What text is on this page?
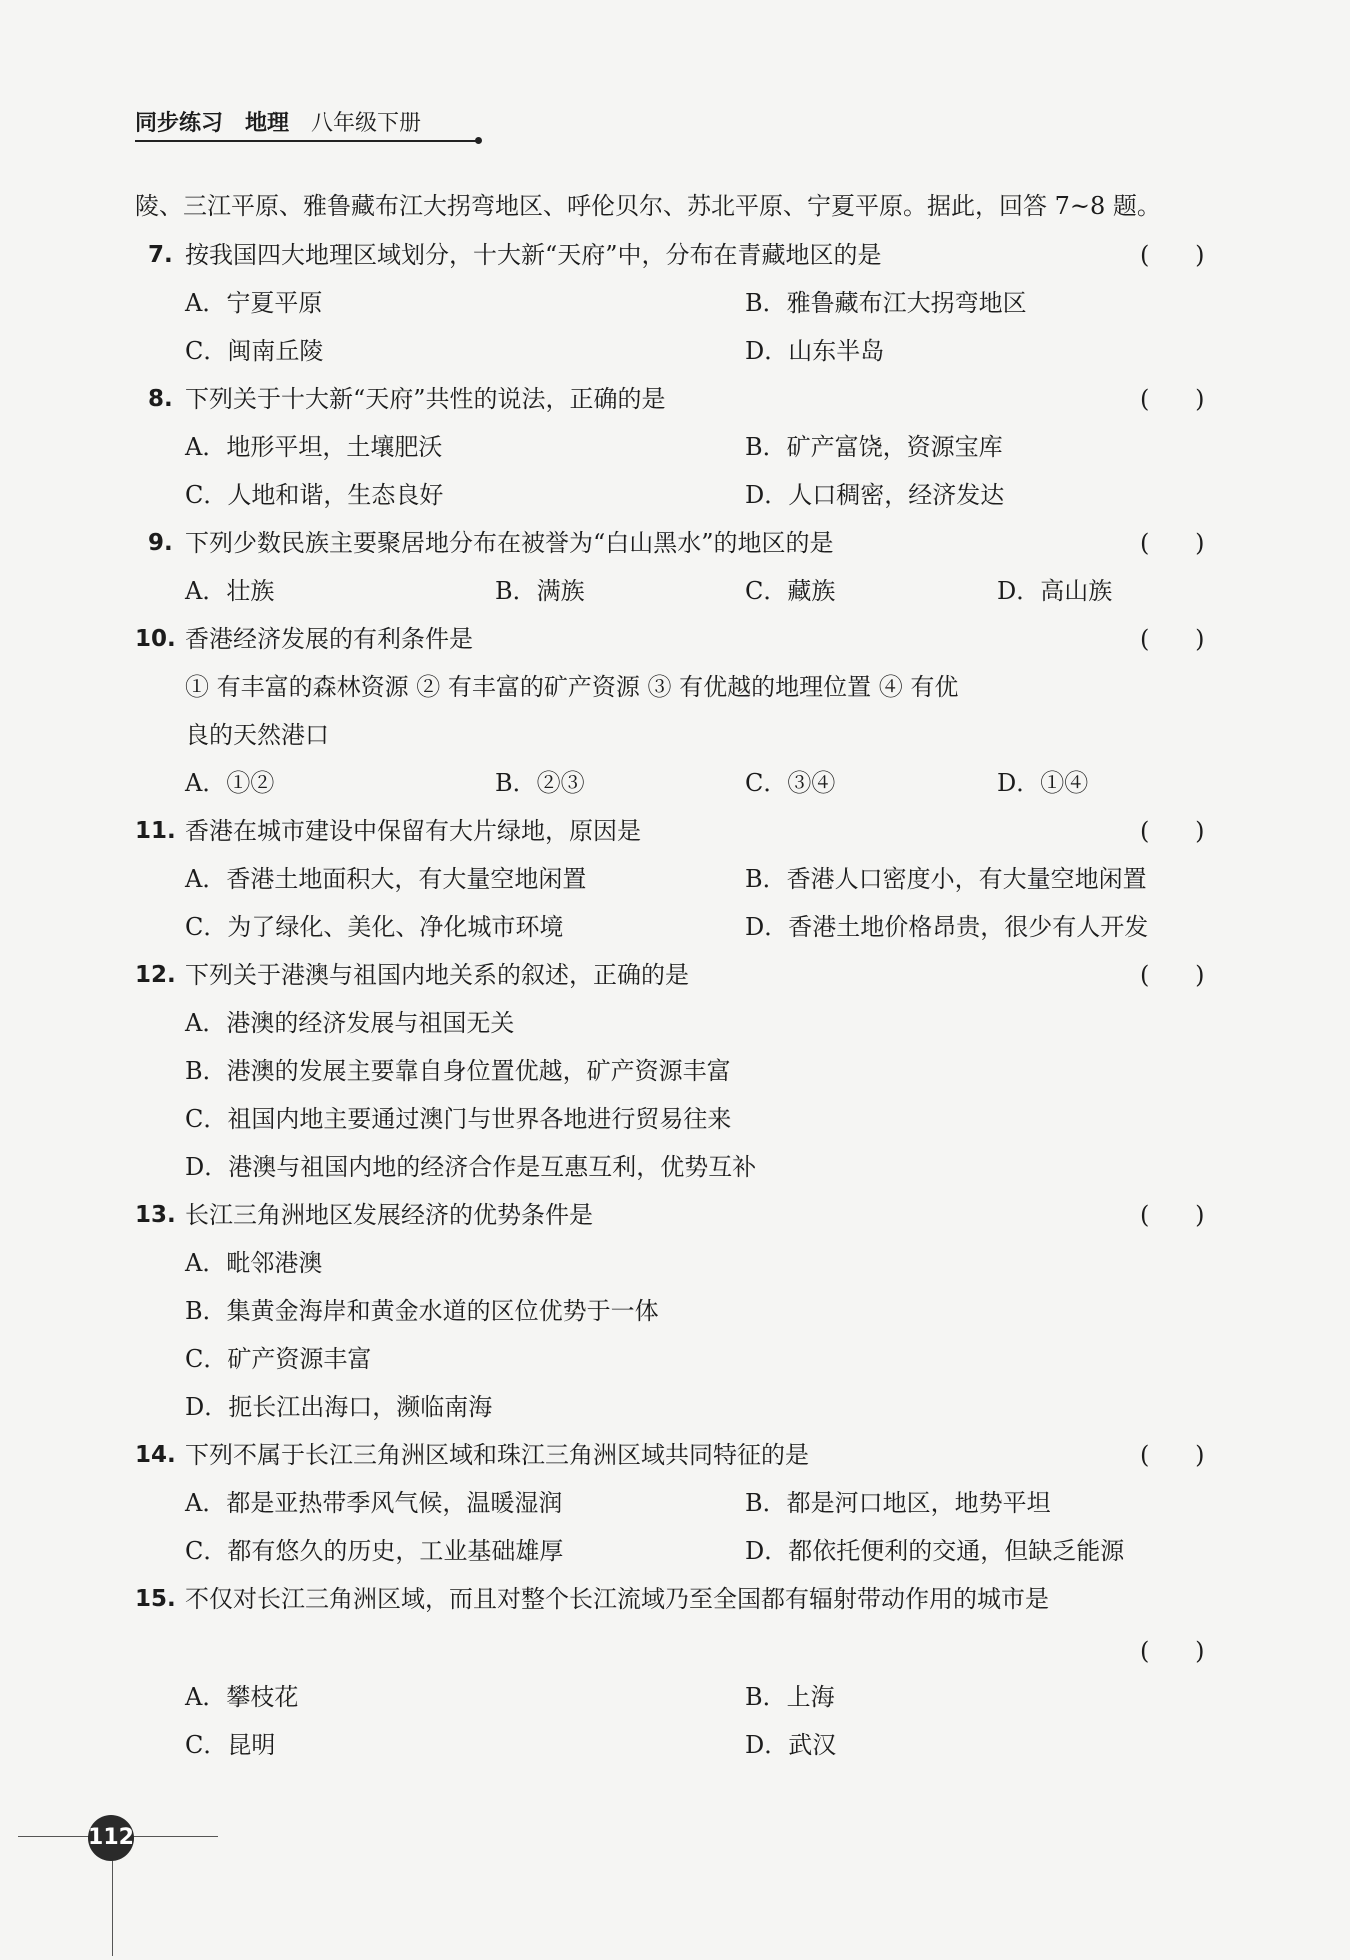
同步练习 地理 八年级下册
陵、三江平原、雅鲁藏布江大拐弯地区、呼伦贝尔、苏北平原、宁夏平原。据此，回答 7~8 题。
7. 按我国四大地理区域划分，十大新“天府”中，分布在青藏地区的是	(      )
A．宁夏平原	B．雅鲁藏布江大拐弯地区
C．闽南丘陵	D．山东半岛
8. 下列关于十大新“天府”共性的说法，正确的是	(      )
A．地形平坦，土壤肥沃	B．矿产富饶，资源宝库
C．人地和谐，生态良好	D．人口稠密，经济发达
9. 下列少数民族主要聚居地分布在被誉为“白山黑水”的地区的是	(      )
A．壮族	B．满族	C．藏族	D．高山族
10. 香港经济发展的有利条件是	(      )
① 有丰富的森林资源 ② 有丰富的矿产资源 ③ 有优越的地理位置 ④ 有优
良的天然港口
A．①②	B．②③	C．③④	D．①④
11. 香港在城市建设中保留有大片绿地，原因是	(      )
A．香港土地面积大，有大量空地闲置	B．香港人口密度小，有大量空地闲置
C．为了绿化、美化、净化城市环境	D．香港土地价格昂贵，很少有人开发
12. 下列关于港澳与祖国内地关系的叙述，正确的是	(      )
A．港澳的经济发展与祖国无关
B．港澳的发展主要靠自身位置优越，矿产资源丰富
C．祖国内地主要通过澳门与世界各地进行贸易往来
D．港澳与祖国内地的经济合作是互惠互利，优势互补
13. 长江三角洲地区发展经济的优势条件是	(      )
A．毗邻港澳
B．集黄金海岸和黄金水道的区位优势于一体
C．矿产资源丰富
D．扼长江出海口，濒临南海
14. 下列不属于长江三角洲区域和珠江三角洲区域共同特征的是	(      )
A．都是亚热带季风气候，温暖湿润	B．都是河口地区，地势平坦
C．都有悠久的历史，工业基础雄厚	D．都依托便利的交通，但缺乏能源
15. 不仅对长江三角洲区域，而且对整个长江流域乃至全国都有辐射带动作用的城市是
(      )
A．攀枝花	B．上海
C．昆明	D．武汉
112
